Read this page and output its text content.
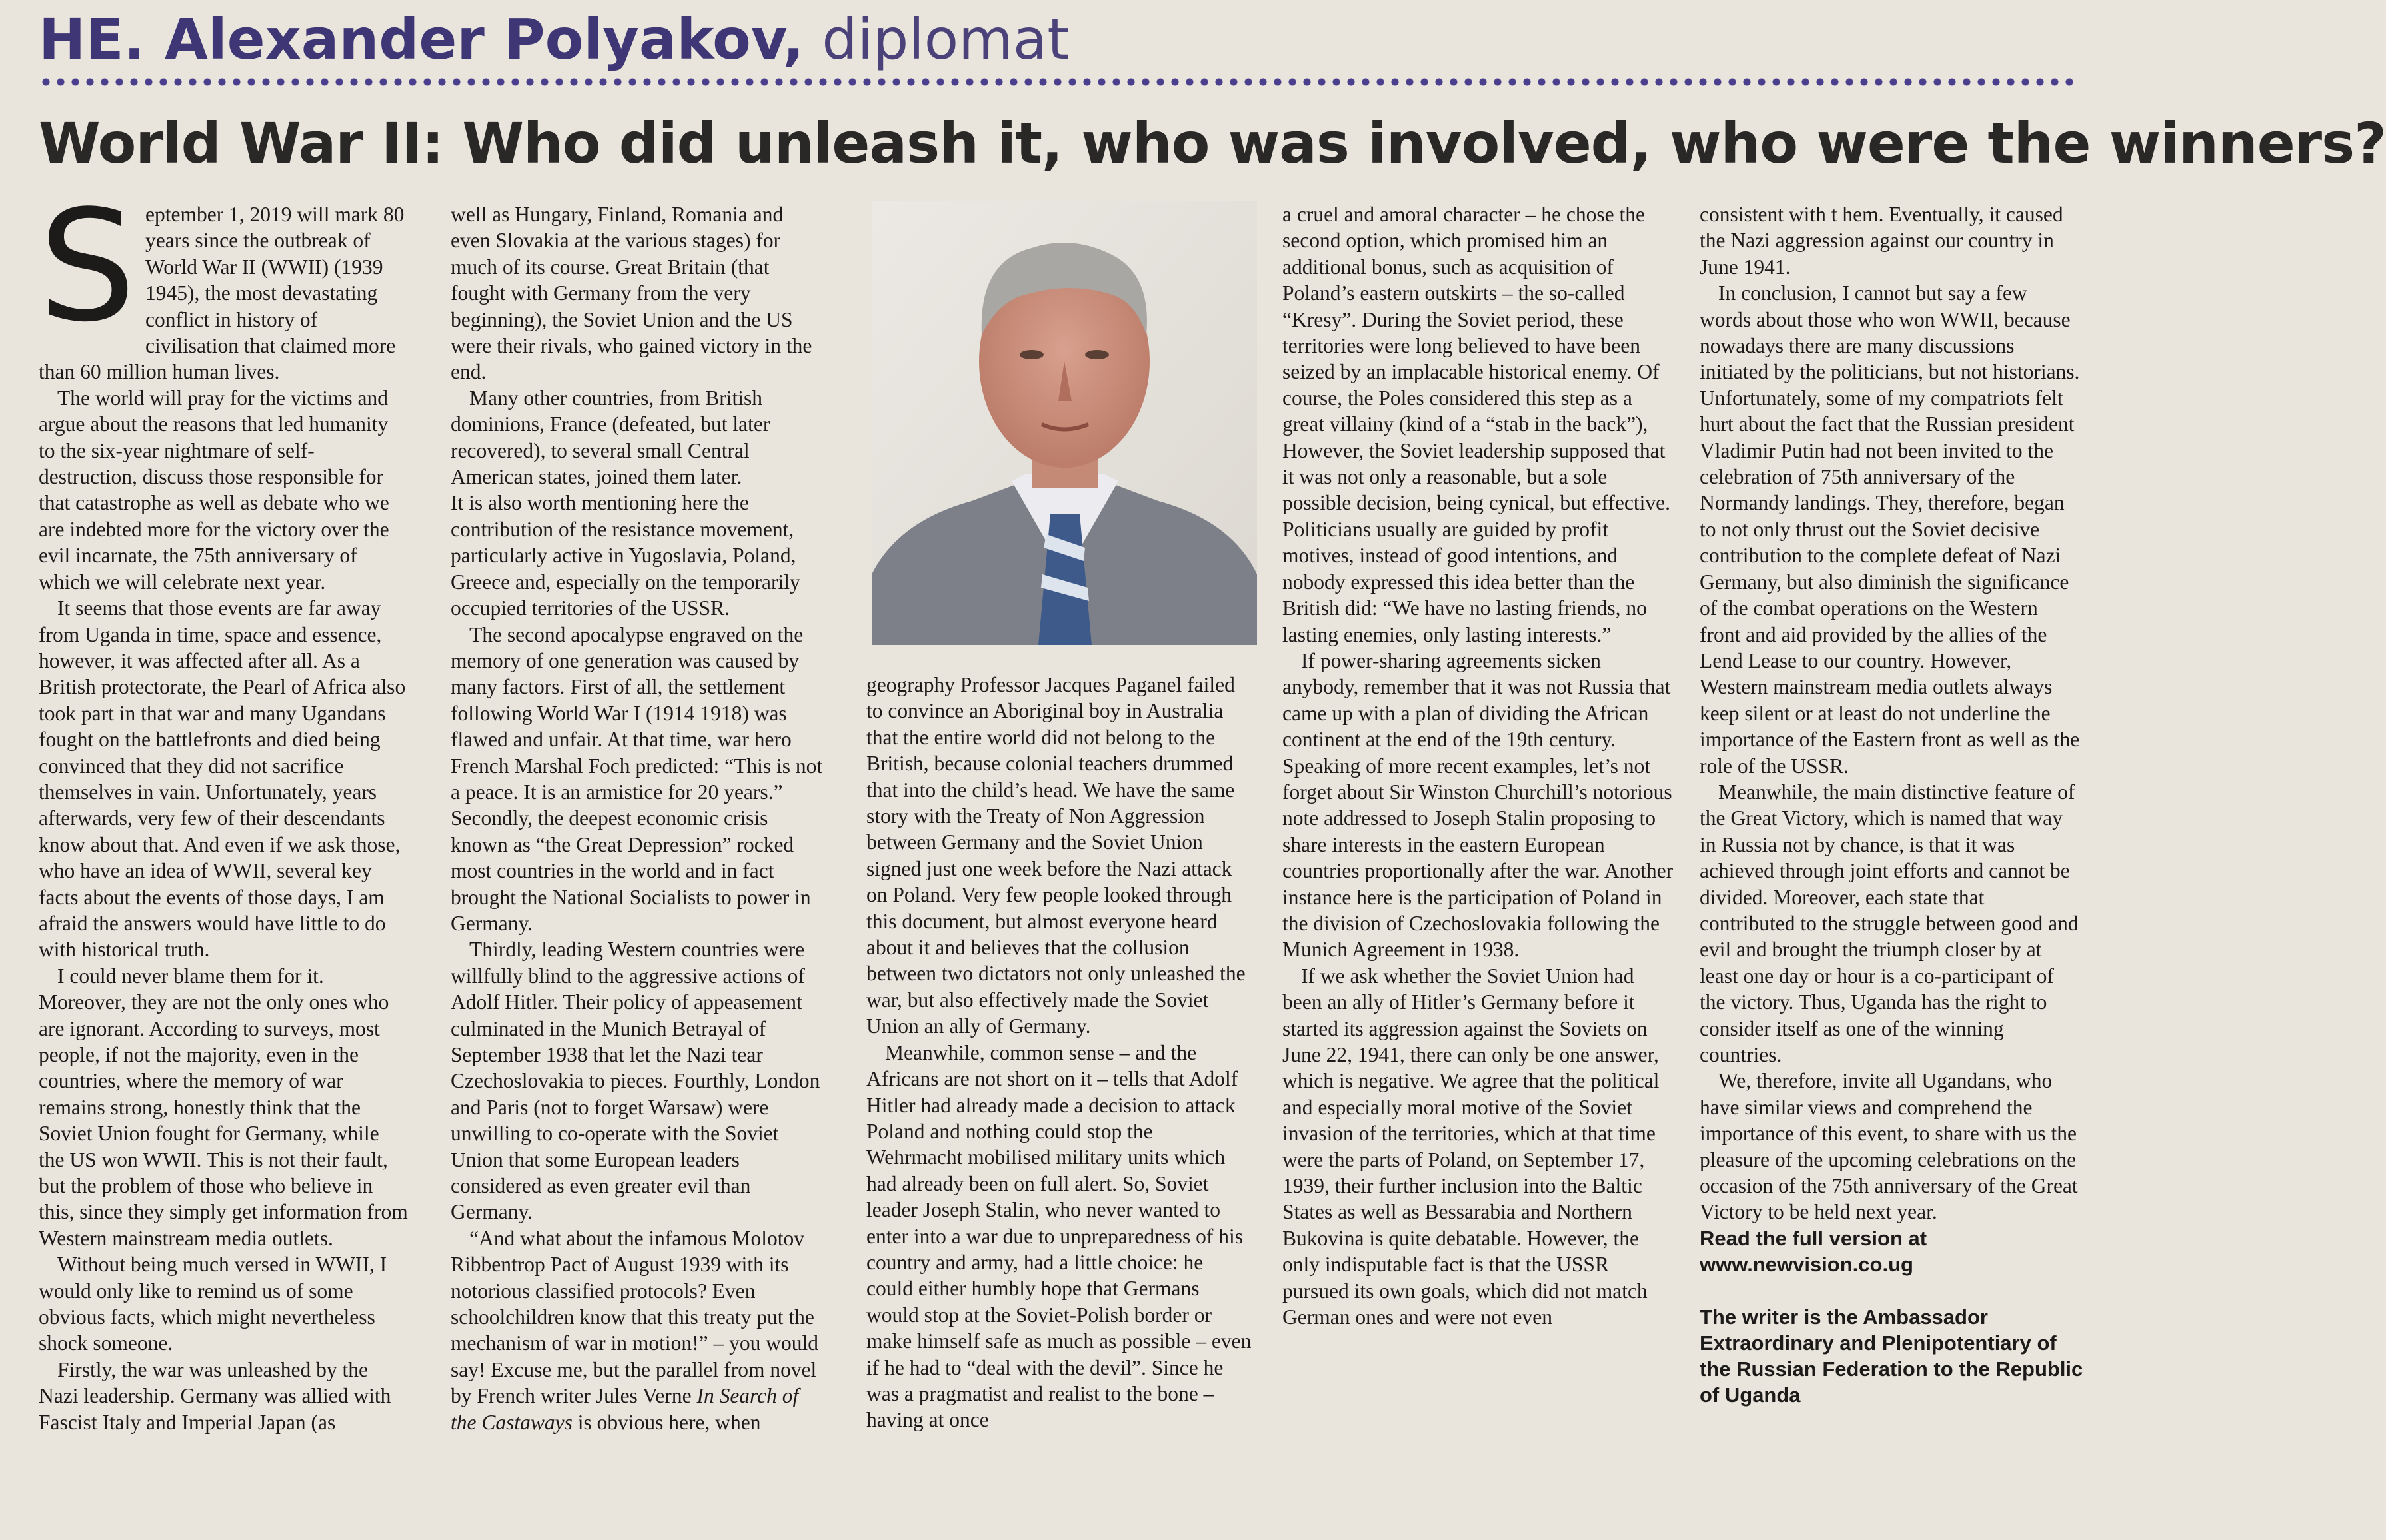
HE. Alexander Polyakov, diplomat
World War II: Who did unleash it, who was involved, who were the winners?
S eptember 1, 2019 will mark 80 years since the outbreak of World War II (WWII) (1939 1945), the most devastating conflict in history of civilisation that claimed more than 60 million human lives.

The world will pray for the victims and argue about the reasons that led humanity to the six-year nightmare of self-destruction, discuss those responsible for that catastrophe as well as debate who we are indebted more for the victory over the evil incarnate, the 75th anniversary of which we will celebrate next year.

It seems that those events are far away from Uganda in time, space and essence, however, it was affected after all. As a British protectorate, the Pearl of Africa also took part in that war and many Ugandans fought on the battlefronts and died being convinced that they did not sacrifice themselves in vain. Unfortunately, years afterwards, very few of their descendants know about that. And even if we ask those, who have an idea of WWII, several key facts about the events of those days, I am afraid the answers would have little to do with historical truth.

I could never blame them for it. Moreover, they are not the only ones who are ignorant. According to surveys, most people, if not the majority, even in the countries, where the memory of war remains strong, honestly think that the Soviet Union fought for Germany, while the US won WWII. This is not their fault, but the problem of those who believe in this, since they simply get information from Western mainstream media outlets.

Without being much versed in WWII, I would only like to remind us of some obvious facts, which might nevertheless shock someone.

Firstly, the war was unleashed by the Nazi leadership. Germany was allied with Fascist Italy and Imperial Japan (as

well as Hungary, Finland, Romania and even Slovakia at the various stages) for much of its course. Great Britain (that fought with Germany from the very beginning), the Soviet Union and the US were their rivals, who gained victory in the end.

Many other countries, from British dominions, France (defeated, but later recovered), to several small Central American states, joined them later.

It is also worth mentioning here the contribution of the resistance movement, particularly active in Yugoslavia, Poland, Greece and, especially on the temporarily occupied territories of the USSR.

The second apocalypse engraved on the memory of one generation was caused by many factors. First of all, the settlement following World War I (1914 1918) was flawed and unfair. At that time, war hero French Marshal Foch predicted: “This is not a peace. It is an armistice for 20 years.” Secondly, the deepest economic crisis known as “the Great Depression” rocked most countries in the world and in fact brought the National Socialists to power in Germany.

Thirdly, leading Western countries were willfully blind to the aggressive actions of Adolf Hitler. Their policy of appeasement culminated in the Munich Betrayal of September 1938 that let the Nazi tear Czechoslovakia to pieces. Fourthly, London and Paris (not to forget Warsaw) were unwilling to co-operate with the Soviet Union that some European leaders considered as even greater evil than Germany.

“And what about the infamous Molotov Ribbentrop Pact of August 1939 with its notorious classified protocols? Even schoolchildren know that this treaty put the mechanism of war in motion!” – you would say! Excuse me, but the parallel from novel by French writer Jules Verne In Search of the Castaways is obvious here, when

geography Professor Jacques Paganel failed to convince an Aboriginal boy in Australia that the entire world did not belong to the British, because colonial teachers drummed that into the child’s head. We have the same story with the Treaty of Non Aggression between Germany and the Soviet Union signed just one week before the Nazi attack on Poland. Very few people looked through this document, but almost everyone heard about it and believes that the collusion between two dictators not only unleashed the war, but also effectively made the Soviet Union an ally of Germany.

Meanwhile, common sense – and the Africans are not short on it – tells that Adolf Hitler had already made a decision to attack Poland and nothing could stop the Wehrmacht mobilised military units which had already been on full alert. So, Soviet leader Joseph Stalin, who never wanted to enter into a war due to unpreparedness of his country and army, had a little choice: he could either humbly hope that Germans would stop at the Soviet-Polish border or make himself safe as much as possible – even if he had to “deal with the devil”. Since he was a pragmatist and realist to the bone – having at once

a cruel and amoral character – he chose the second option, which promised him an additional bonus, such as acquisition of Poland’s eastern outskirts – the so-called “Kresy”. During the Soviet period, these territories were long believed to have been seized by an implacable historical enemy. Of course, the Poles considered this step as a great villainy (kind of a “stab in the back”), However, the Soviet leadership supposed that it was not only a reasonable, but a sole possible decision, being cynical, but effective. Politicians usually are guided by profit motives, instead of good intentions, and nobody expressed this idea better than the British did: “We have no lasting friends, no lasting enemies, only lasting interests.”

If power-sharing agreements sicken anybody, remember that it was not Russia that came up with a plan of dividing the African continent at the end of the 19th century. Speaking of more recent examples, let’s not forget about Sir Winston Churchill’s notorious note addressed to Joseph Stalin proposing to share interests in the eastern European countries proportionally after the war. Another instance here is the participation of Poland in the division of Czechoslovakia following the Munich Agreement in 1938.

If we ask whether the Soviet Union had been an ally of Hitler’s Germany before it started its aggression against the Soviets on June 22, 1941, there can only be one answer, which is negative. We agree that the political and especially moral motive of the Soviet invasion of the territories, which at that time were the parts of Poland, on September 17, 1939, their further inclusion into the Baltic States as well as Bessarabia and Northern Bukovina is quite debatable. However, the only indisputable fact is that the USSR pursued its own goals, which did not match German ones and were not even

consistent with t hem. Eventually, it caused the Nazi aggression against our country in June 1941.

In conclusion, I cannot but say a few words about those who won WWII, because nowadays there are many discussions initiated by the politicians, but not historians. Unfortunately, some of my compatriots felt hurt about the fact that the Russian president Vladimir Putin had not been invited to the celebration of 75th anniversary of the Normandy landings. They, therefore, began to not only thrust out the Soviet decisive contribution to the complete defeat of Nazi Germany, but also diminish the significance of the combat operations on the Western front and aid provided by the allies of the Lend Lease to our country. However, Western mainstream media outlets always keep silent or at least do not underline the importance of the Eastern front as well as the role of the USSR.

Meanwhile, the main distinctive feature of the Great Victory, which is named that way in Russia not by chance, is that it was achieved through joint efforts and cannot be divided. Moreover, each state that contributed to the struggle between good and evil and brought the triumph closer by at least one day or hour is a co-participant of the victory. Thus, Uganda has the right to consider itself as one of the winning countries.

We, therefore, invite all Ugandans, who have similar views and comprehend the importance of this event, to share with us the pleasure of the upcoming celebrations on the occasion of the 75th anniversary of the Great Victory to be held next year.

Read the full version at www.newvision.co.ug

The writer is the Ambassador Extraordinary and Plenipotentiary of the Russian Federation to the Republic of Uganda
